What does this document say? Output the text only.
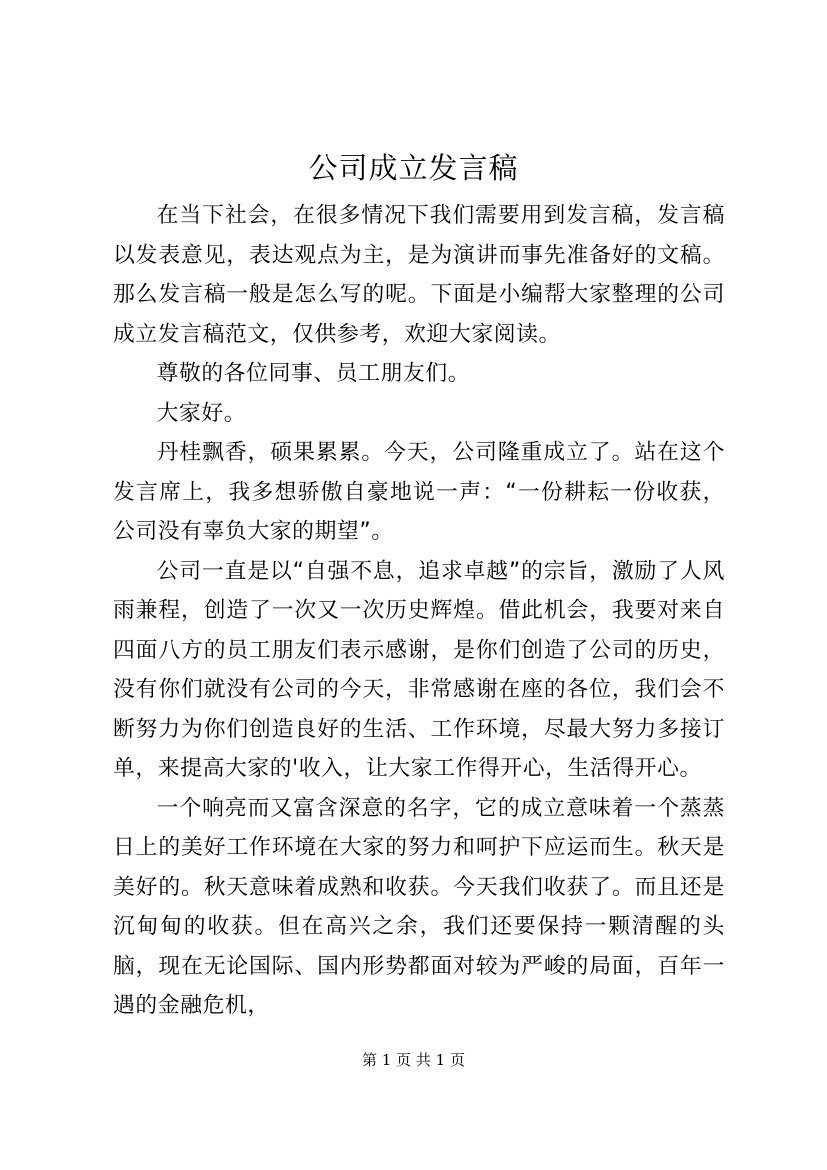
公司成立发言稿

在当下社会，在很多情况下我们需要用到发言稿，发言稿以发表意见，表达观点为主，是为演讲而事先准备好的文稿。那么发言稿一般是怎么写的呢。下面是小编帮大家整理的公司成立发言稿范文，仅供参考，欢迎大家阅读。

尊敬的各位同事、员工朋友们。

大家好。

丹桂飘香，硕果累累。今天，公司隆重成立了。站在这个发言席上，我多想骄傲自豪地说一声：“一份耕耘一份收获，公司没有辜负大家的期望”。

公司一直是以“自强不息，追求卓越”的宗旨，激励了人风雨兼程，创造了一次又一次历史辉煌。借此机会，我要对来自四面八方的员工朋友们表示感谢，是你们创造了公司的历史，没有你们就没有公司的今天，非常感谢在座的各位，我们会不断努力为你们创造良好的生活、工作环境，尽最大努力多接订单，来提高大家的'收入，让大家工作得开心，生活得开心。

一个响亮而又富含深意的名字，它的成立意味着一个蒸蒸日上的美好工作环境在大家的努力和呵护下应运而生。秋天是美好的。秋天意味着成熟和收获。今天我们收获了。而且还是沉甸甸的收获。但在高兴之余，我们还要保持一颗清醒的头脑，现在无论国际、国内形势都面对较为严峻的局面，百年一遇的金融危机，

第 1 页 共 1 页
